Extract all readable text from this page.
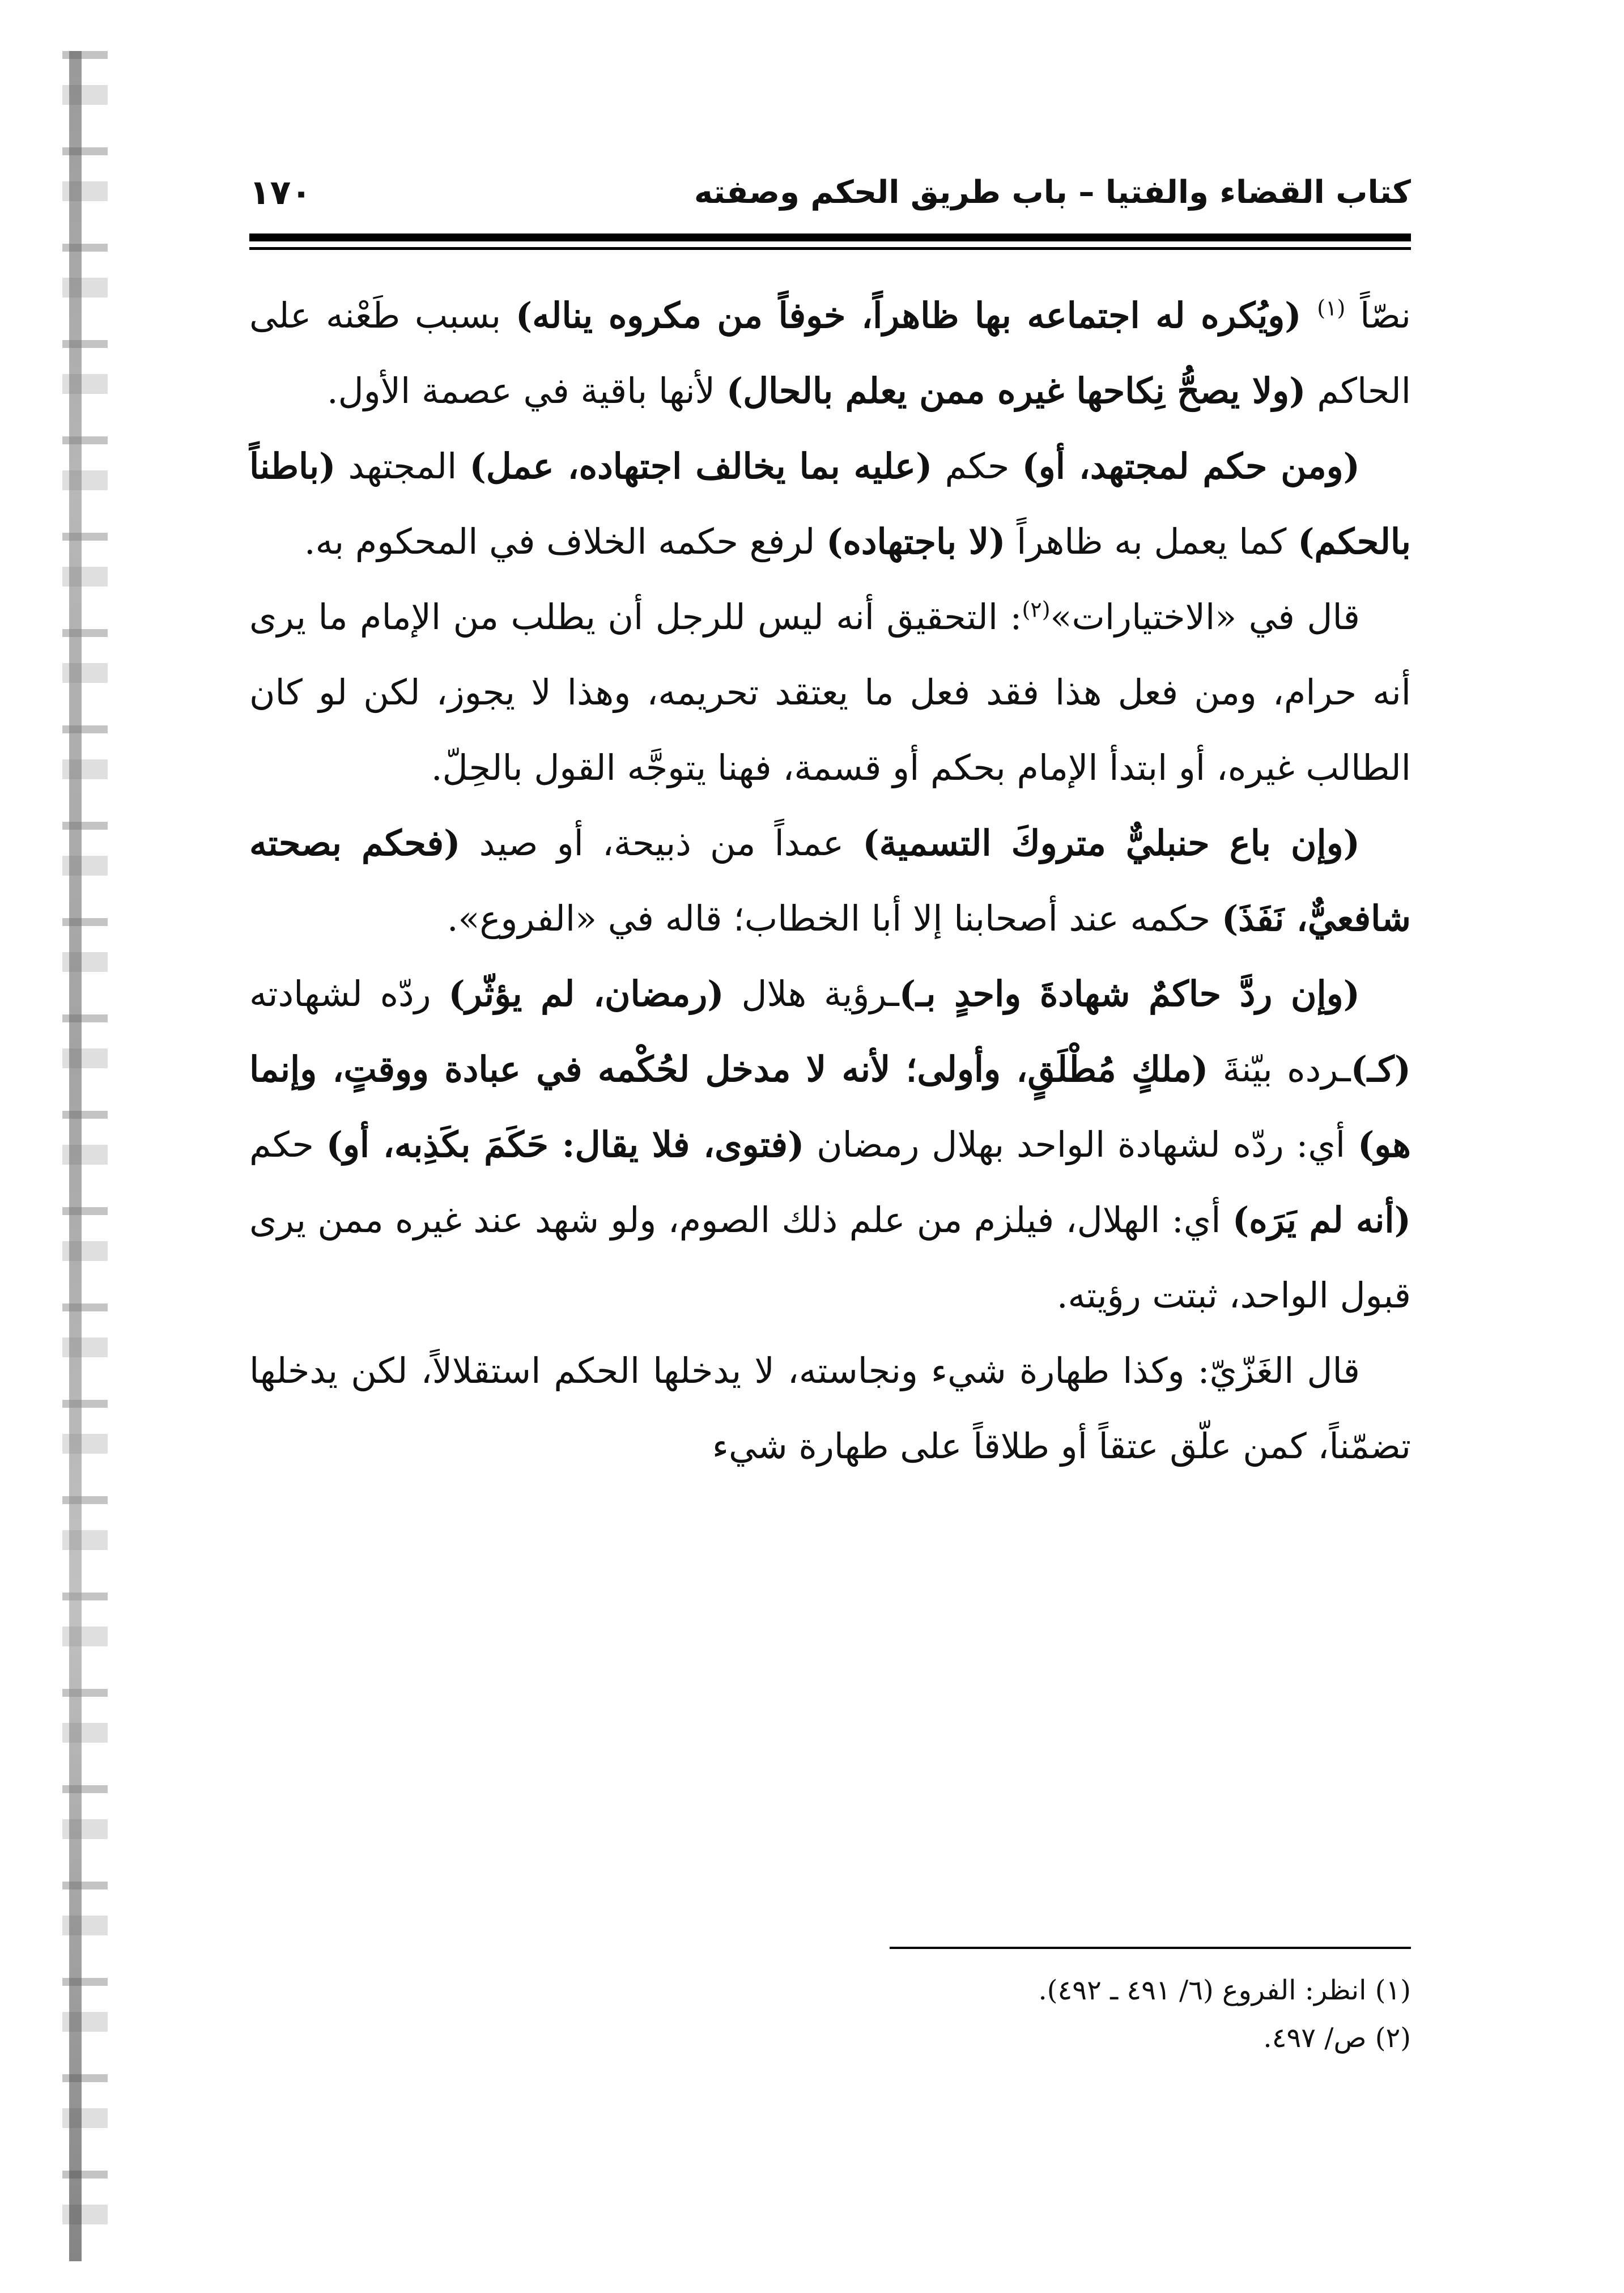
كتاب القضاء والفتيا – باب طريق الحكم وصفته
١٧٠

نصّاً $^{(١)}$ (ويُكره له اجتماعه بها ظاهراً، خوفاً من مكروه يناله) بسبب طَعْنه على الحاكم (ولا يصحُّ نِكاحها غيره ممن يعلم بالحال) لأنها باقية في عصمة الأول.

(ومن حكم لمجتهد، أو) حكم (عليه بما يخالف اجتهاده، عمل) المجتهد (باطناً بالحكم) كما يعمل به ظاهراً (لا باجتهاده) لرفع حكمه الخلاف في المحكوم به.

قال في «الاختيارات»$^{(٢)}$: التحقيق أنه ليس للرجل أن يطلب من الإمام ما يرى أنه حرام، ومن فعل هذا فقد فعل ما يعتقد تحريمه، وهذا لا يجوز، لكن لو كان الطالب غيره، أو ابتدأ الإمام بحكم أو قسمة، فهنا يتوجَّه القول بالحِلّ.

(وإن باع حنبليٌّ متروكَ التسمية) عمداً من ذبيحة، أو صيد (فحكم بصحته شافعيٌّ، نَفَذَ) حكمه عند أصحابنا إلا أبا الخطاب؛ قاله في «الفروع».

(وإن ردَّ حاكمٌ شهادةَ واحدٍ بـ)ـرؤية هلال (رمضان، لم يؤثّر) ردّه لشهادته (كـ)ـرده بيّنةَ (ملكٍ مُطْلَقٍ، وأولى؛ لأنه لا مدخل لحُكْمه في عبادة ووقتٍ، وإنما هو) أي: ردّه لشهادة الواحد بهلال رمضان (فتوى، فلا يقال: حَكَمَ بكَذِبه، أو) حكم (أنه لم يَرَه) أي: الهلال، فيلزم من علم ذلك الصوم، ولو شهد عند غيره ممن يرى قبول الواحد، ثبتت رؤيته.

قال الغَزّيّ: وكذا طهارة شيء ونجاسته، لا يدخلها الحكم استقلالاً، لكن يدخلها تضمّناً، كمن علّق عتقاً أو طلاقاً على طهارة شيء

(١) انظر: الفروع (٦/ ٤٩١ ـ ٤٩٢).

(٢) ص/ ٤٩٧.
